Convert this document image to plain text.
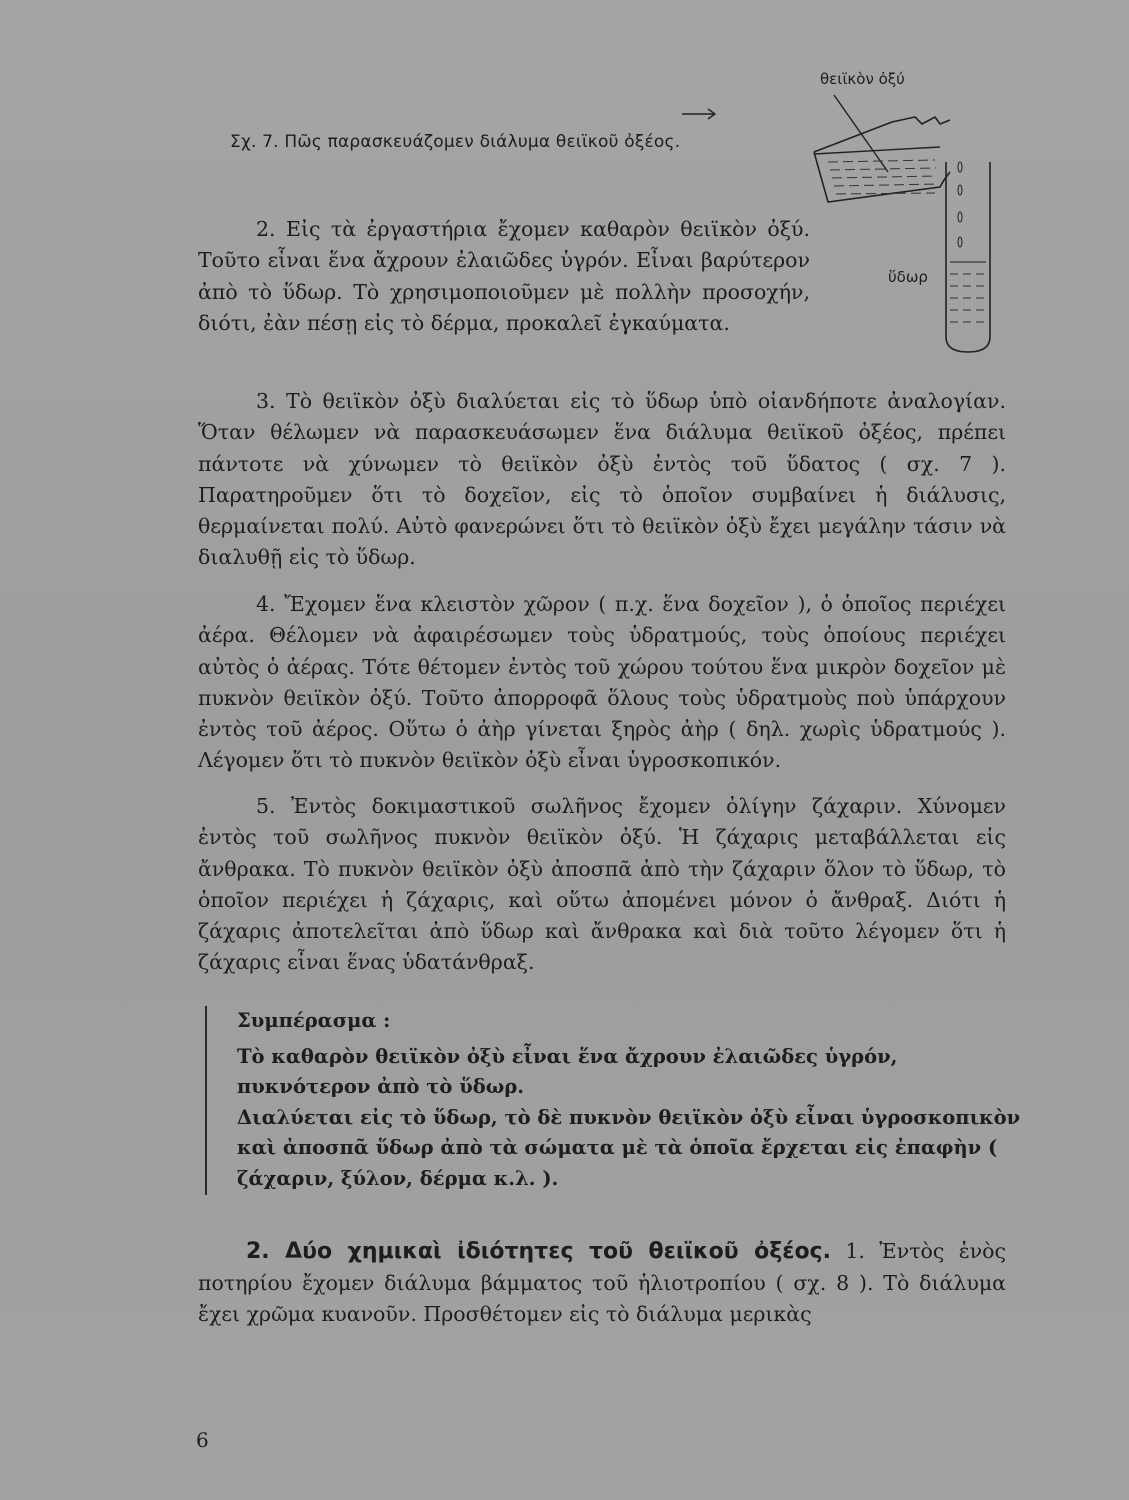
Σχ. 7. Πῶς παρασκευάζομεν διάλυμα θειϊκοῦ ὀξέος.
θειϊκὸν ὀξύ
ὕδωρ

2. Εἰς τὰ ἐργαστήρια ἔχομεν καθαρὸν θειϊκὸν ὀξύ. Τοῦτο εἶναι ἕνα ἄχρουν ἐλαιῶδες ὑγρόν. Εἶναι βαρύτερον ἀπὸ τὸ ὕδωρ. Τὸ χρησιμοποιοῦμεν μὲ πολλὴν προσοχήν, διότι, ἐὰν πέσῃ εἰς τὸ δέρμα, προκαλεῖ ἐγκαύματα.

3. Τὸ θειϊκὸν ὀξὺ διαλύεται εἰς τὸ ὕδωρ ὑπὸ οἱανδήποτε ἀναλογίαν. Ὅταν θέλωμεν νὰ παρασκευάσωμεν ἕνα διάλυμα θειϊκοῦ ὀξέος, πρέπει πάντοτε νὰ χύνωμεν τὸ θειϊκὸν ὀξὺ ἐντὸς τοῦ ὕδατος ( σχ. 7 ). Παρατηροῦμεν ὅτι τὸ δοχεῖον, εἰς τὸ ὁποῖον συμβαίνει ἡ διάλυσις, θερμαίνεται πολύ. Αὐτὸ φανερώνει ὅτι τὸ θειϊκὸν ὀξὺ ἔχει μεγάλην τάσιν νὰ διαλυθῇ εἰς τὸ ὕδωρ.

4. Ἔχομεν ἕνα κλειστὸν χῶρον ( π.χ. ἕνα δοχεῖον ), ὁ ὁποῖος περιέχει ἀέρα. Θέλομεν νὰ ἀφαιρέσωμεν τοὺς ὑδρατμούς, τοὺς ὁποίους περιέχει αὐτὸς ὁ ἀέρας. Τότε θέτομεν ἐντὸς τοῦ χώρου τούτου ἕνα μικρὸν δοχεῖον μὲ πυκνὸν θειϊκὸν ὀξύ. Τοῦτο ἀπορροφᾶ ὅλους τοὺς ὑδρατμοὺς ποὺ ὑπάρχουν ἐντὸς τοῦ ἀέρος. Οὕτω ὁ ἀὴρ γίνεται ξηρὸς ἀὴρ ( δηλ. χωρὶς ὑδρατμούς ). Λέγομεν ὅτι τὸ πυκνὸν θειϊκὸν ὀξὺ εἶναι ὑγροσκοπικόν.

5. Ἐντὸς δοκιμαστικοῦ σωλῆνος ἔχομεν ὀλίγην ζάχαριν. Χύνομεν ἐντὸς τοῦ σωλῆνος πυκνὸν θειϊκὸν ὀξύ. Ἡ ζάχαρις μεταβάλλεται εἰς ἄνθρακα. Τὸ πυκνὸν θειϊκὸν ὀξὺ ἀποσπᾶ ἀπὸ τὴν ζάχαριν ὅλον τὸ ὕδωρ, τὸ ὁποῖον περιέχει ἡ ζάχαρις, καὶ οὕτω ἀπομένει μόνον ὁ ἄνθραξ. Διότι ἡ ζάχαρις ἀποτελεῖται ἀπὸ ὕδωρ καὶ ἄνθρακα καὶ διὰ τοῦτο λέγομεν ὅτι ἡ ζάχαρις εἶναι ἕνας ὑδατάνθραξ.

Συμπέρασμα :
Τὸ καθαρὸν θειϊκὸν ὀξὺ εἶναι ἕνα ἄχρουν ἐλαιῶδες ὑγρόν, πυκνότερον ἀπὸ τὸ ὕδωρ.
Διαλύεται εἰς τὸ ὕδωρ, τὸ δὲ πυκνὸν θειϊκὸν ὀξὺ εἶναι ὑγροσκοπικὸν καὶ ἀποσπᾶ ὕδωρ ἀπὸ τὰ σώματα μὲ τὰ ὁποῖα ἔρχεται εἰς ἐπαφὴν ( ζάχαριν, ξύλον, δέρμα κ.λ. ).
2. Δύο χημικαὶ ἰδιότητες τοῦ θειϊκοῦ ὀξέος. 1. Ἐντὸς ἑνὸς ποτηρίου ἔχομεν διάλυμα βάμματος τοῦ ἡλιοτροπίου ( σχ. 8 ). Τὸ διάλυμα ἔχει χρῶμα κυανοῦν. Προσθέτομεν εἰς τὸ διάλυμα μερικὰς
6
